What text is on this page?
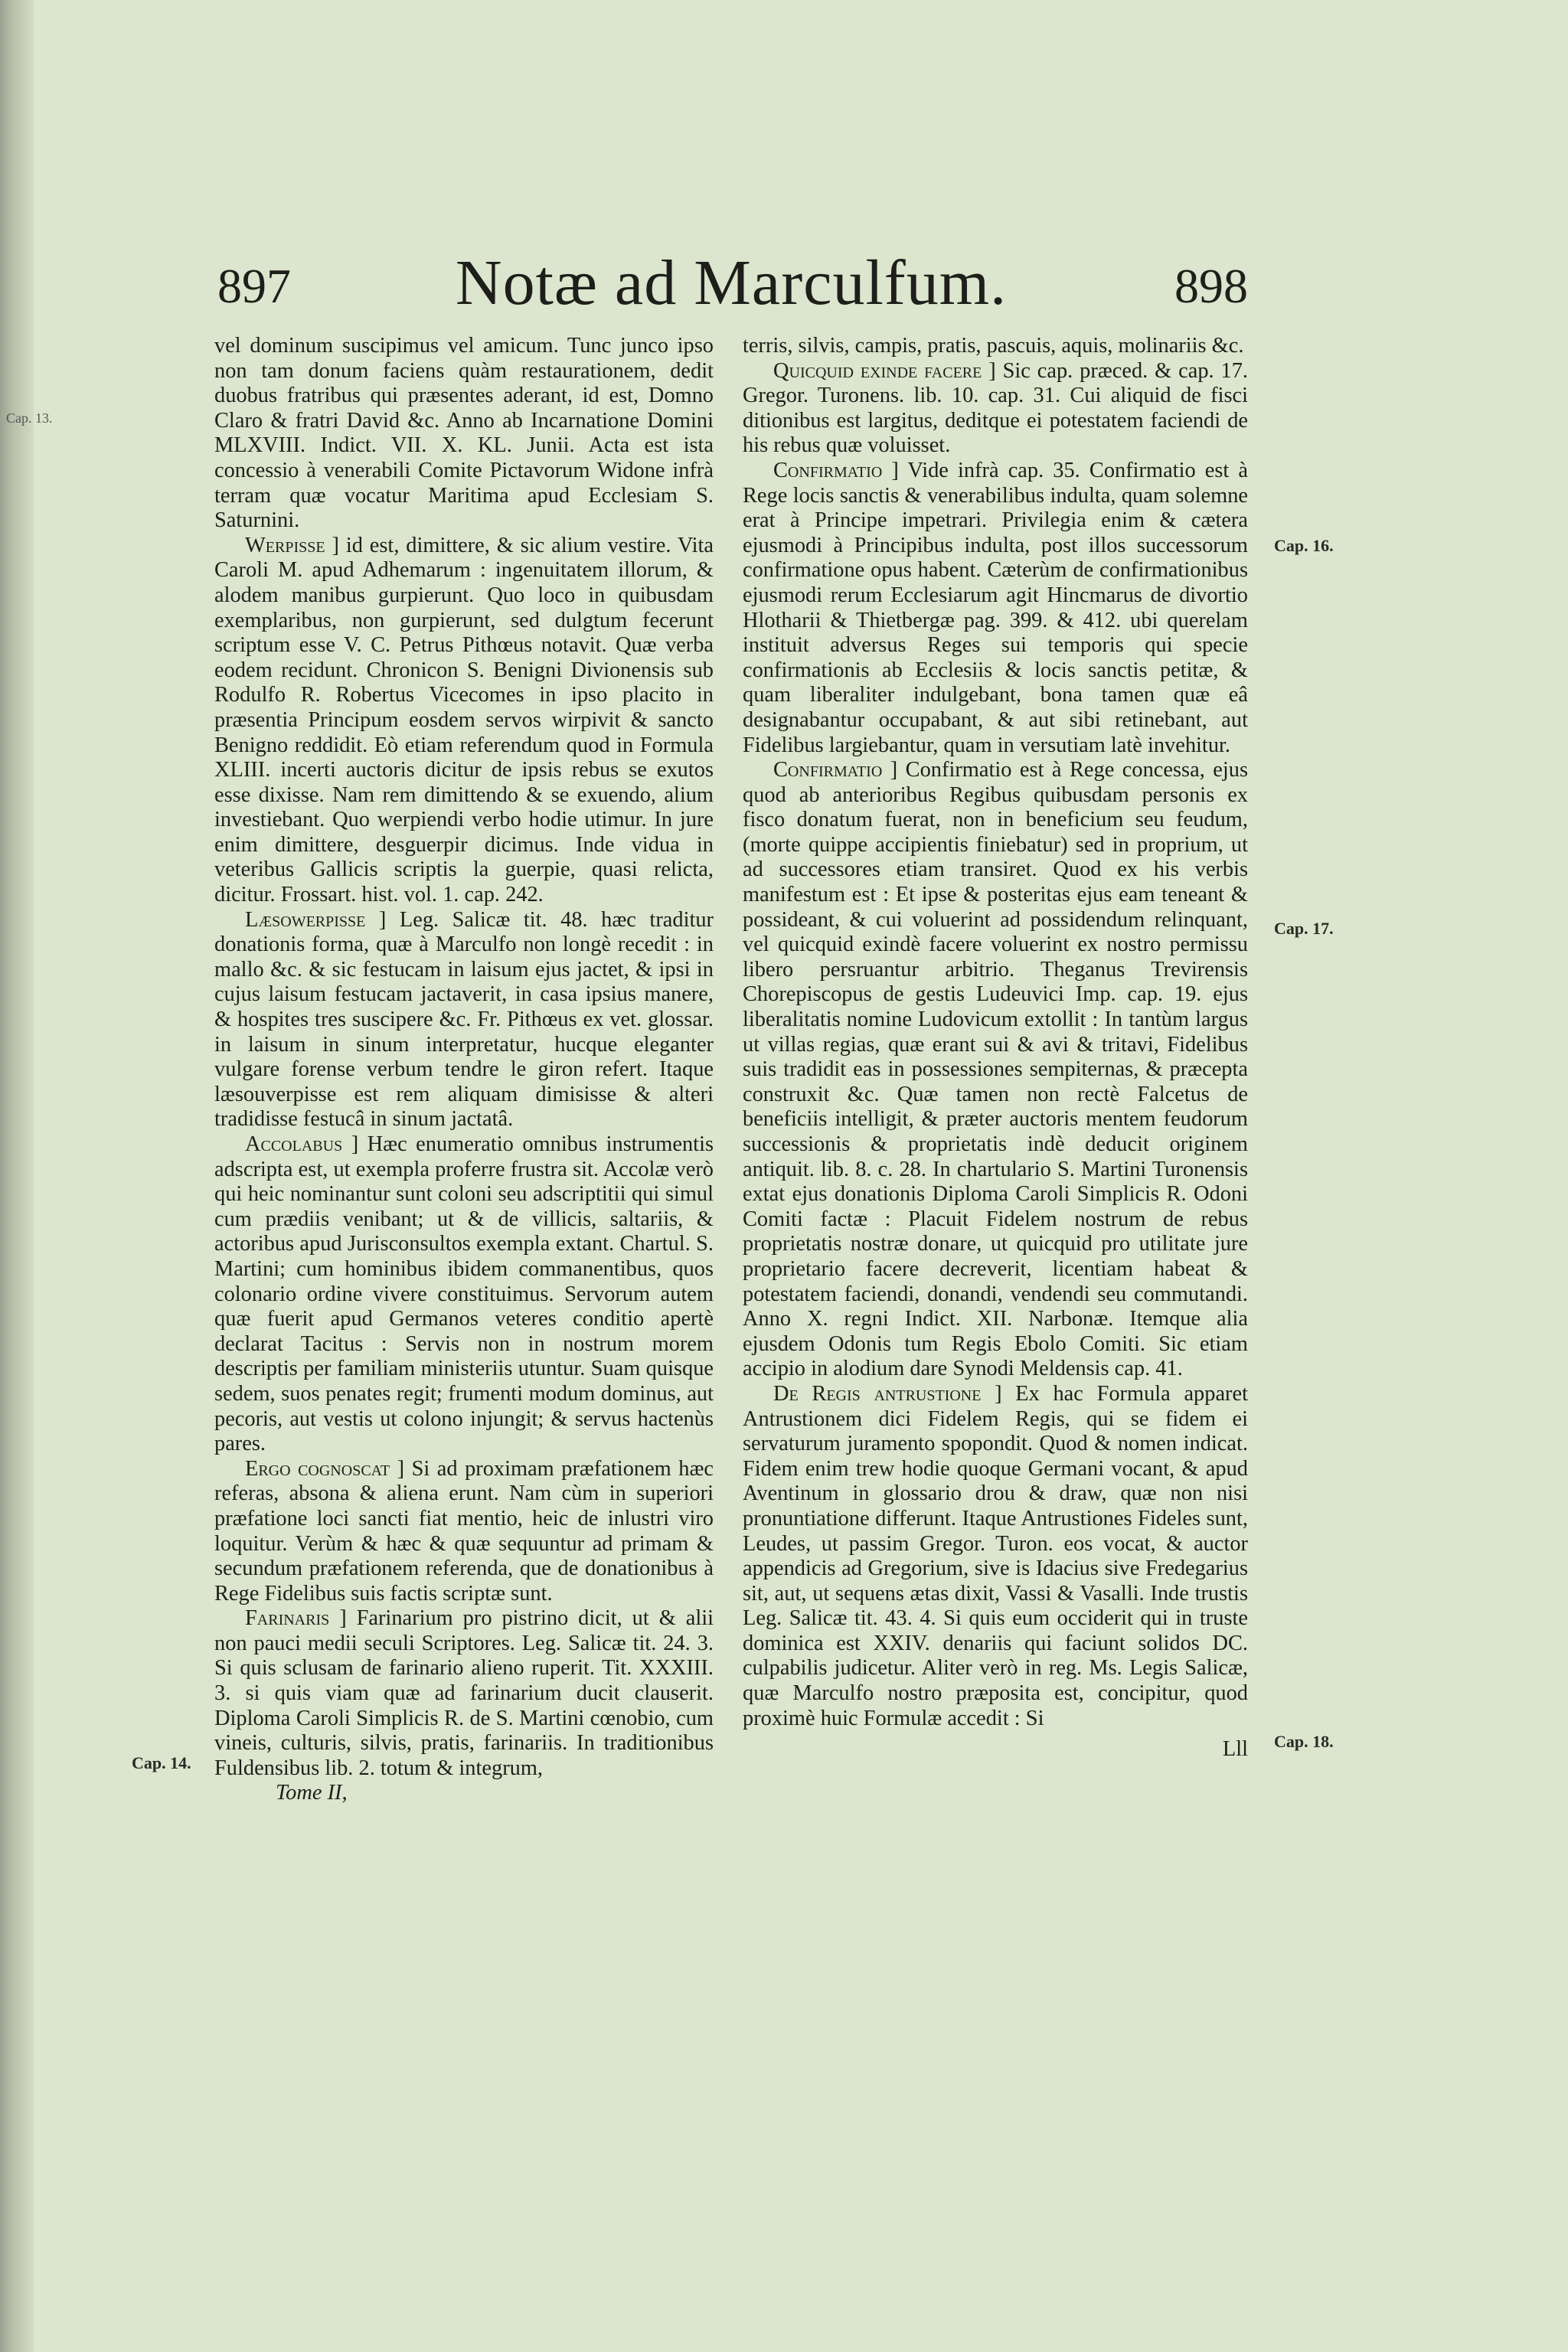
Cap. 13.
897	Notæ ad Marculfum.	898

vel dominum suscipimus vel amicum. Tunc junco ipso non tam donum faciens quàm restaurationem, dedit duobus fratribus qui præsentes aderant, id est, Domno Claro & fratri David &c. Anno ab Incarnatione Domini MLXVIII. Indict. VII. X. KL. Junii. Acta est ista concessio à venerabili Comite Pictavorum Widone infrà terram quæ vocatur Maritima apud Ecclesiam S. Saturnini.

Werpisse ] id est, dimittere, & sic alium vestire. Vita Caroli M. apud Adhemarum : ingenuitatem illorum, & alodem manibus gurpierunt. Quo loco in quibusdam exemplaribus, non gurpierunt, sed dulgtum fecerunt scriptum esse V. C. Petrus Pithœus notavit. Quæ verba eodem recidunt. Chronicon S. Benigni Divionensis sub Rodulfo R. Robertus Vicecomes in ipso placito in præsentia Principum eosdem servos wirpivit & sancto Benigno reddidit. Eò etiam referendum quod in Formula XLIII. incerti auctoris dicitur de ipsis rebus se exutos esse dixisse. Nam rem dimittendo & se exuendo, alium investiebant. Quo werpiendi verbo hodie utimur. In jure enim dimittere, desguerpir dicimus. Inde vidua in veteribus Gallicis scriptis la guerpie, quasi relicta, dicitur. Frossart. hist. vol. 1. cap. 242.

Læsowerpisse ] Leg. Salicæ tit. 48. hæc traditur donationis forma, quæ à Marculfo non longè recedit : in mallo &c. & sic festucam in laisum ejus jactet, & ipsi in cujus laisum festucam jactaverit, in casa ipsius manere, & hospites tres suscipere &c. Fr. Pithœus ex vet. glossar. in laisum in sinum interpretatur, hucque eleganter vulgare forense verbum tendre le giron refert. Itaque læsouverpisse est rem aliquam dimisisse & alteri tradidisse festucâ in sinum jactatâ.

Accolabus ] Hæc enumeratio omnibus instrumentis adscripta est, ut exempla proferre frustra sit. Accolæ verò qui heic nominantur sunt coloni seu adscriptitii qui simul cum prædiis venibant; ut & de villicis, saltariis, & actoribus apud Jurisconsultos exempla extant. Chartul. S. Martini; cum hominibus ibidem commanentibus, quos colonario ordine vivere constituimus. Servorum autem quæ fuerit apud Germanos veteres conditio apertè declarat Tacitus : Servis non in nostrum morem descriptis per familiam ministeriis utuntur. Suam quisque sedem, suos penates regit; frumenti modum dominus, aut pecoris, aut vestis ut colono injungit; & servus hactenùs pares.

Ergo cognoscat ] Si ad proximam præfationem hæc referas, absona & aliena erunt. Nam cùm in superiori præfatione loci sancti fiat mentio, heic de inlustri viro loquitur. Verùm & hæc & quæ sequuntur ad primam & secundum præfationem referenda, que de donationibus à Rege Fidelibus suis factis scriptæ sunt.

Farinaris ] Farinarium pro pistrino dicit, ut & alii non pauci medii seculi Scriptores. Leg. Salicæ tit. 24. 3. Si quis sclusam de farinario alieno ruperit. Tit. XXXIII. 3. si quis viam quæ ad farinarium ducit clauserit. Diploma Caroli Simplicis R. de S. Martini cœnobio, cum vineis, culturis, silvis, pratis, farinariis. In traditionibus Fuldensibus lib. 2. totum & integrum,

Tome II,

terris, silvis, campis, pratis, pascuis, aquis, molinariis &c.

Quicquid exinde facere ] Sic cap. præced. & cap. 17. Gregor. Turonens. lib. 10. cap. 31. Cui aliquid de fisci ditionibus est largitus, deditque ei potestatem faciendi de his rebus quæ voluisset.

Confirmatio ] Vide infrà cap. 35. Confirmatio est à Rege locis sanctis & venerabilibus indulta, quam solemne erat à Principe impetrari. Privilegia enim & cætera ejusmodi à Principibus indulta, post illos successorum confirmatione opus habent. Cæterùm de confirmationibus ejusmodi rerum Ecclesiarum agit Hincmarus de divortio Hlotharii & Thietbergæ pag. 399. & 412. ubi querelam instituit adversus Reges sui temporis qui specie confirmationis ab Ecclesiis & locis sanctis petitæ, & quam liberaliter indulgebant, bona tamen quæ eâ designabantur occupabant, & aut sibi retinebant, aut Fidelibus largiebantur, quam in versutiam latè invehitur.

Confirmatio ] Confirmatio est à Rege concessa, ejus quod ab anterioribus Regibus quibusdam personis ex fisco donatum fuerat, non in beneficium seu feudum, (morte quippe accipientis finiebatur) sed in proprium, ut ad successores etiam transiret. Quod ex his verbis manifestum est : Et ipse & posteritas ejus eam teneant & possideant, & cui voluerint ad possidendum relinquant, vel quicquid exindè facere voluerint ex nostro permissu libero persruantur arbitrio. Theganus Trevirensis Chorepiscopus de gestis Ludeuvici Imp. cap. 19. ejus liberalitatis nomine Ludovicum extollit : In tantùm largus ut villas regias, quæ erant sui & avi & tritavi, Fidelibus suis tradidit eas in possessiones sempiternas, & præcepta construxit &c. Quæ tamen non rectè Falcetus de beneficiis intelligit, & præter auctoris mentem feudorum successionis & proprietatis indè deducit originem antiquit. lib. 8. c. 28. In chartulario S. Martini Turonensis extat ejus donationis Diploma Caroli Simplicis R. Odoni Comiti factæ : Placuit Fidelem nostrum de rebus proprietatis nostræ donare, ut quicquid pro utilitate jure proprietario facere decreverit, licentiam habeat & potestatem faciendi, donandi, vendendi seu commutandi. Anno X. regni Indict. XII. Narbonæ. Itemque alia ejusdem Odonis tum Regis Ebolo Comiti. Sic etiam accipio in alodium dare Synodi Meldensis cap. 41.

De Regis antrustione ] Ex hac Formula apparet Antrustionem dici Fidelem Regis, qui se fidem ei servaturum juramento spopondit. Quod & nomen indicat. Fidem enim trew hodie quoque Germani vocant, & apud Aventinum in glossario drou & draw, quæ non nisi pronuntiatione differunt. Itaque Antrustiones Fideles sunt, Leudes, ut passim Gregor. Turon. eos vocat, & auctor appendicis ad Gregorium, sive is Idacius sive Fredegarius sit, aut, ut sequens ætas dixit, Vassi & Vasalli. Inde trustis Leg. Salicæ tit. 43. 4. Si quis eum occiderit qui in truste dominica est XXIV. denariis qui faciunt solidos DC. culpabilis judicetur. Aliter verò in reg. Ms. Legis Salicæ, quæ Marculfo nostro præposita est, concipitur, quod proximè huic Formulæ accedit : Si

Lll

Cap. 14.
Cap. 16.
Cap. 17.
Cap. 18.
